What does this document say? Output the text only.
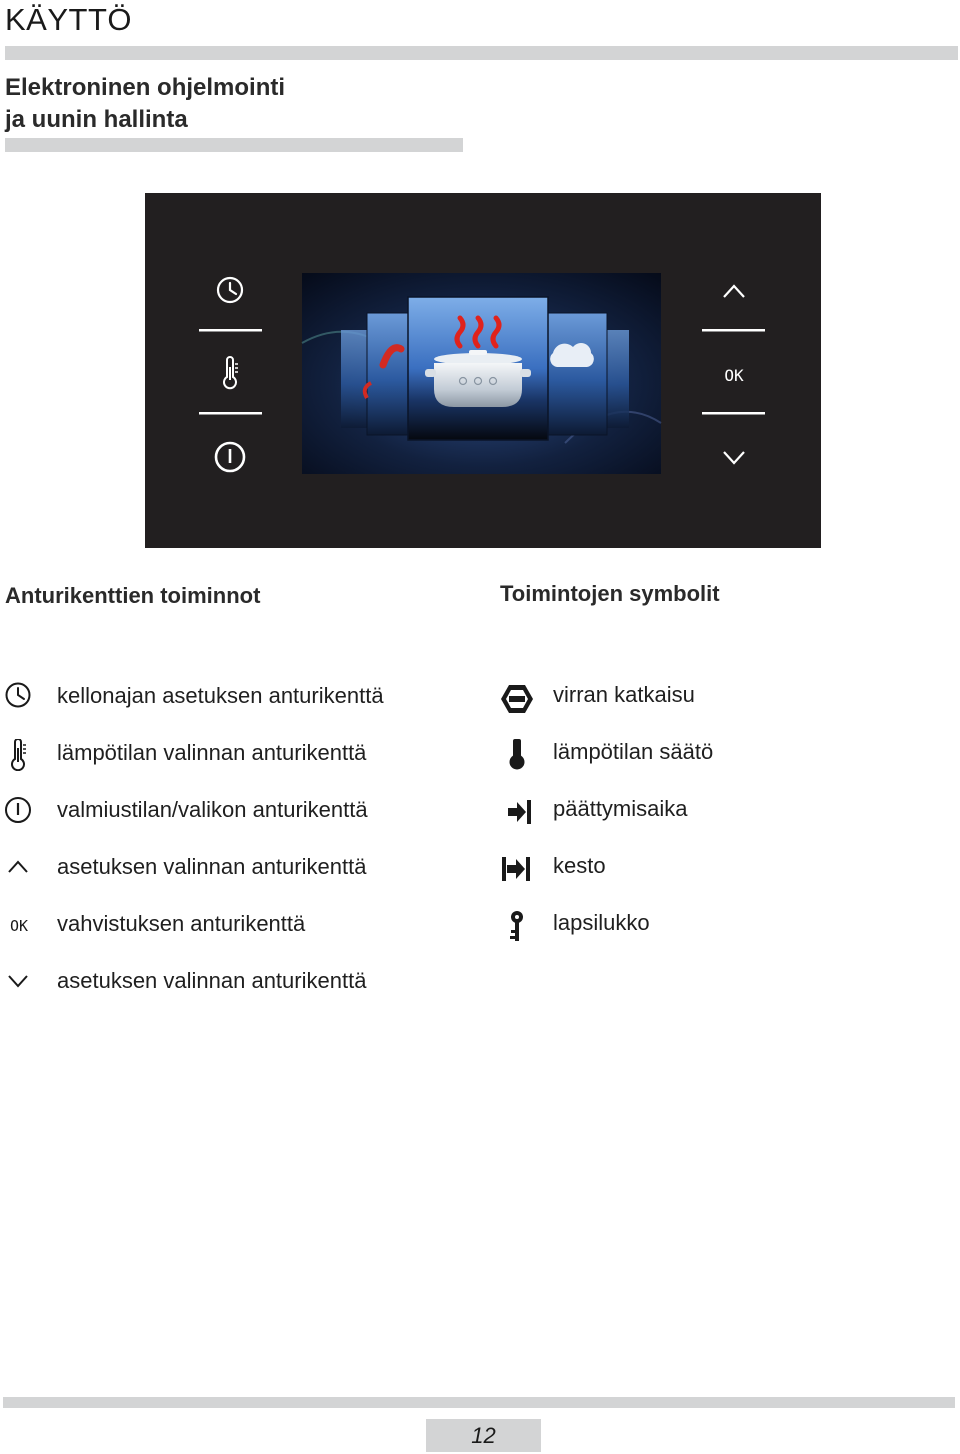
KÄYTTÖ
Elektroninen ohjelmointi
ja uunin hallinta
OK
Anturikenttien toiminnot	Toimintojen symbolit
kellonajan asetuksen anturikenttä
lämpötilan valinnan anturikenttä
valmiustilan/valikon anturikenttä
asetuksen valinnan anturikenttä
OK vahvistuksen anturikenttä
asetuksen valinnan anturikenttä
virran katkaisu
lämpötilan säätö
päättymisaika
kesto
lapsilukko
12
